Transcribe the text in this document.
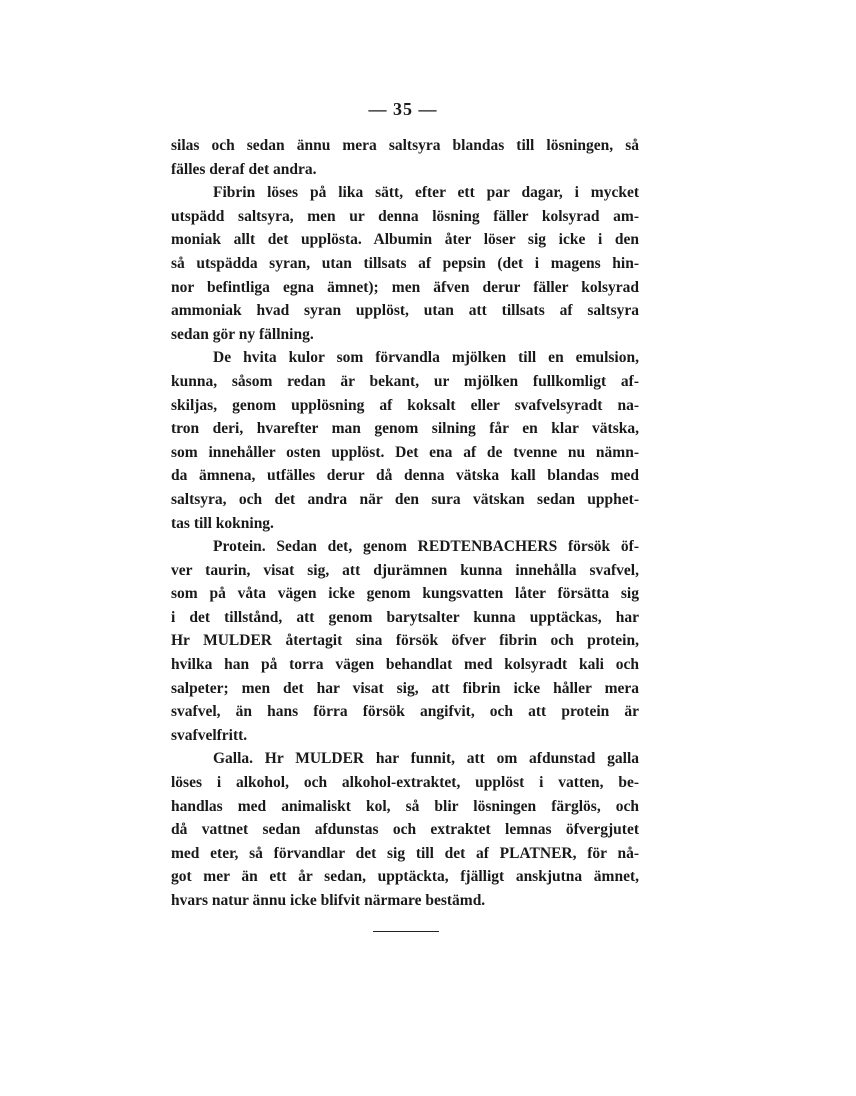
— 35 —
silas och sedan ännu mera saltsyra blandas till lösningen, så
fälles deraf det andra.
Fibrin löses på lika sätt, efter ett par dagar, i mycket
utspädd saltsyra, men ur denna lösning fäller kolsyrad am-
moniak allt det upplösta. Albumin åter löser sig icke i den
så utspädda syran, utan tillsats af pepsin (det i magens hin-
nor befintliga egna ämnet); men äfven derur fäller kolsyrad
ammoniak hvad syran upplöst, utan att tillsats af saltsyra
sedan gör ny fällning.
De hvita kulor som förvandla mjölken till en emulsion,
kunna, såsom redan är bekant, ur mjölken fullkomligt af-
skiljas, genom upplösning af koksalt eller svafvelsyradt na-
tron deri, hvarefter man genom silning får en klar vätska,
som innehåller osten upplöst. Det ena af de tvenne nu nämn-
da ämnena, utfälles derur då denna vätska kall blandas med
saltsyra, och det andra när den sura vätskan sedan upphet-
tas till kokning.
Protein. Sedan det, genom REDTENBACHERS försök öf-
ver taurin, visat sig, att djurämnen kunna innehålla svafvel,
som på våta vägen icke genom kungsvatten låter försätta sig
i det tillstånd, att genom barytsalter kunna upptäckas, har
Hr MULDER återtagit sina försök öfver fibrin och protein,
hvilka han på torra vägen behandlat med kolsyradt kali och
salpeter; men det har visat sig, att fibrin icke håller mera
svafvel, än hans förra försök angifvit, och att protein är
svafvelfritt.
Galla. Hr MULDER har funnit, att om afdunstad galla
löses i alkohol, och alkohol-extraktet, upplöst i vatten, be-
handlas med animaliskt kol, så blir lösningen färglös, och
då vattnet sedan afdunstas och extraktet lemnas öfvergjutet
med eter, så förvandlar det sig till det af PLATNER, för nå-
got mer än ett år sedan, upptäckta, fjälligt anskjutna ämnet,
hvars natur ännu icke blifvit närmare bestämd.
